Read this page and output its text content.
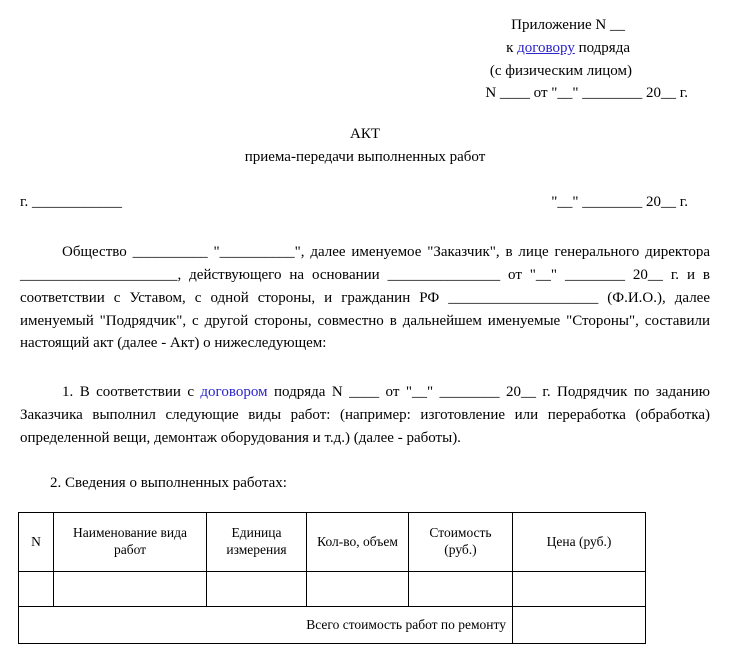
Приложение N __
к договору подряда
(с физическим лицом)
N ____ от "__" ________ 20__ г.
АКТ
приема-передачи выполненных работ
г. ____________	"__" ________ 20__ г.

Общество __________ "__________", далее именуемое "Заказчик", в лице генерального директора _____________________, действующего на основании _______________ от "__" ________ 20__ г. и в соответствии с Уставом, с одной стороны, и гражданин РФ ____________________ (Ф.И.О.), далее именуемый "Подрядчик", с другой стороны, совместно в дальнейшем именуемые "Стороны", составили настоящий акт (далее - Акт) о нижеследующем:

1. В соответствии с договором подряда N ____ от "__" ________ 20__ г. Подрядчик по заданию Заказчика выполнил следующие виды работ: (например: изготовление или переработка (обработка) определенной вещи, демонтаж оборудования и т.д.) (далее - работы).

2. Сведения о выполненных работах:

N	Наименование вида работ	Единица измерения	Кол-во, объем	Стоимость (руб.)	Цена (руб.)

Всего стоимость работ по ремонту					
